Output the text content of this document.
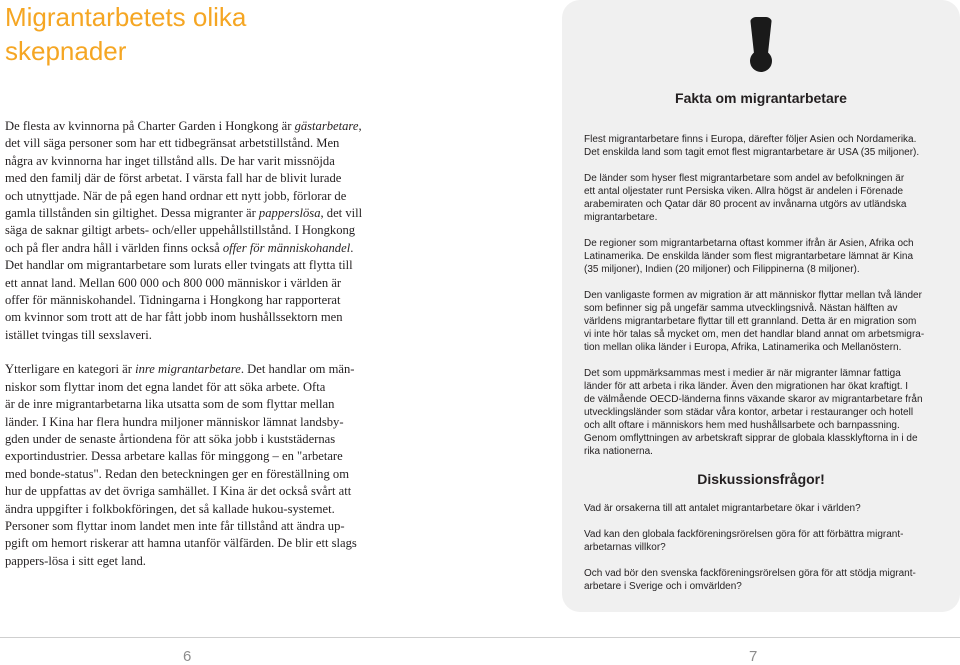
Migrantarbetets olika skepnader

De flesta av kvinnorna på Charter Garden i Hongkong är gästarbetare,
det vill säga personer som har ett tidbegränsat arbetstillstånd. Men
några av kvinnorna har inget tillstånd alls. De har varit missnöjda
med den familj där de först arbetat. I värsta fall har de blivit lurade
och utnyttjade. När de på egen hand ordnar ett nytt jobb, förlorar de
gamla tillstånden sin giltighet. Dessa migranter är papperslösa, det vill
säga de saknar giltigt arbets- och/eller uppehållstillstånd. I Hongkong
och på fler andra håll i världen finns också offer för människohandel.
Det handlar om migrantarbetare som lurats eller tvingats att flytta till
ett annat land. Mellan 600 000 och 800 000 människor i världen är
offer för människohandel. Tidningarna i Hongkong har rapporterat
om kvinnor som trott att de har fått jobb inom hushållssektorn men
istället tvingas till sexslaveri.

Ytterligare en kategori är inre migrantarbetare. Det handlar om män-
niskor som flyttar inom det egna landet för att söka arbete. Ofta
är de inre migrantarbetarna lika utsatta som de som flyttar mellan
länder. I Kina har flera hundra miljoner människor lämnat landsby-
gden under de senaste årtiondena för att söka jobb i kuststädernas
exportindustrier. Dessa arbetare kallas för minggong – en "arbetare
med bonde-status". Redan den beteckningen ger en föreställning om
hur de uppfattas av det övriga samhället. I Kina är det också svårt att
ändra uppgifter i folkbokföringen, det så kallade hukou-systemet.
Personer som flyttar inom landet men inte får tillstånd att ändra up-
pgift om hemort riskerar att hamna utanför välfärden. De blir ett slags
pappers-lösa i sitt eget land.

Fakta om migrantarbetare

Flest migrantarbetare finns i Europa, därefter följer Asien och Nordamerika.
Det enskilda land som tagit emot flest migrantarbetare är USA (35 miljoner).

De länder som hyser flest migrantarbetare som andel av befolkningen är
ett antal oljestater runt Persiska viken. Allra högst är andelen i Förenade
arabemiraten och Qatar där 80 procent av invånarna utgörs av utländska
migrantarbetare.

De regioner som migrantarbetarna oftast kommer ifrån är Asien, Afrika och
Latinamerika. De enskilda länder som flest migrantarbetare lämnat är Kina
(35 miljoner), Indien (20 miljoner) och Filippinerna (8 miljoner).

Den vanligaste formen av migration är att människor flyttar mellan två länder
som befinner sig på ungefär samma utvecklingsnivå. Nästan hälften av
världens migrantarbetare flyttar till ett grannland. Detta är en migration som
vi inte hör talas så mycket om, men det handlar bland annat om arbetsmigra-
tion mellan olika länder i Europa, Afrika, Latinamerika och Mellanöstern.

Det som uppmärksammas mest i medier är när migranter lämnar fattiga
länder för att arbeta i rika länder. Även den migrationen har ökat kraftigt. I
de välmående OECD-länderna finns växande skaror av migrantarbetare från
utvecklingsländer som städar våra kontor, arbetar i restauranger och hotell
och allt oftare i människors hem med hushållsarbete och barnpassning.
Genom omflyttningen av arbetskraft sipprar de globala klassklyftorna in i de
rika nationerna.

Diskussionsfrågor!

Vad är orsakerna till att antalet migrantarbetare ökar i världen?

Vad kan den globala fackföreningsrörelsen göra för att förbättra migrant-
arbetarnas villkor?

Och vad bör den svenska fackföreningsrörelsen göra för att stödja migrant-
arbetare i Sverige och i omvärlden?

6	7
